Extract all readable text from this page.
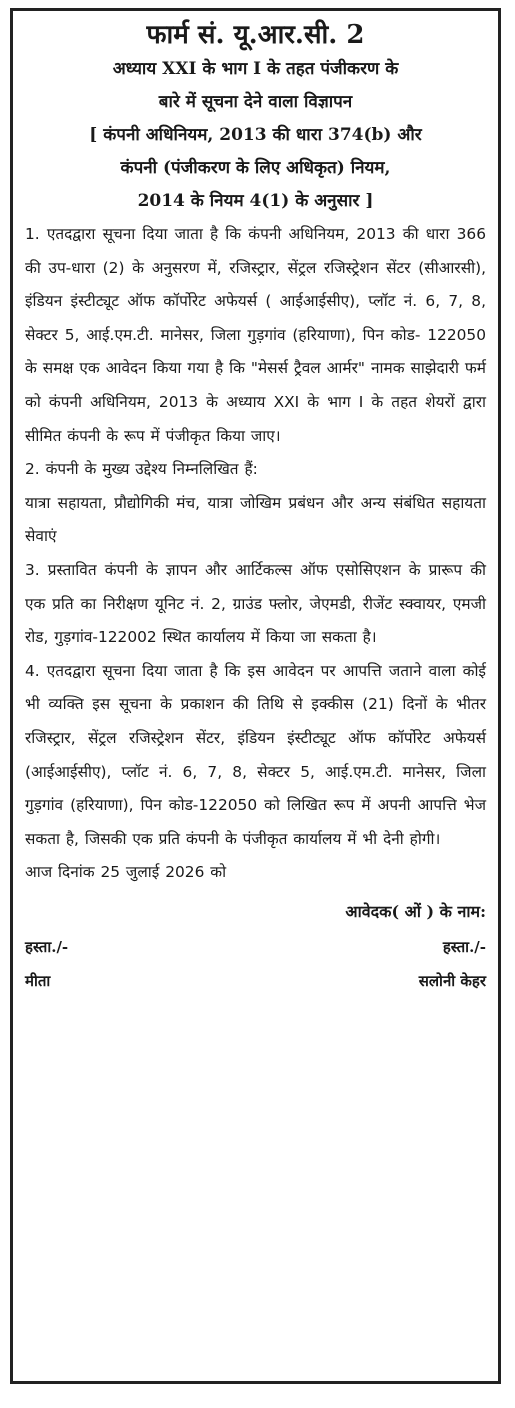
फार्म सं. यू.आर.सी. 2
अध्याय XXI के भाग I के तहत पंजीकरण के
बारे में सूचना देने वाला विज्ञापन
[ कंपनी अधिनियम, 2013 की धारा 374(b) और
कंपनी (पंजीकरण के लिए अधिकृत) नियम,
2014 के नियम 4(1) के अनुसार ]

1. एतदद्वारा सूचना दिया जाता है कि कंपनी अधिनियम, 2013 की धारा 366 की उप-धारा (2) के अनुसरण में, रजिस्ट्रार, सेंट्रल रजिस्ट्रेशन सेंटर (सीआरसी), इंडियन इंस्टीट्यूट ऑफ कॉर्पोरेट अफेयर्स ( आईआईसीए), प्लॉट नं. 6, 7, 8, सेक्टर 5, आई.एम.टी. मानेसर, जिला गुड़गांव (हरियाणा), पिन कोड- 122050 के समक्ष एक आवेदन किया गया है कि "मेसर्स ट्रैवल आर्मर" नामक साझेदारी फर्म को कंपनी अधिनियम, 2013 के अध्याय XXI के भाग I के तहत शेयरों द्वारा सीमित कंपनी के रूप में पंजीकृत किया जाए।

2. कंपनी के मुख्य उद्देश्य निम्नलिखित हैं:

यात्रा सहायता, प्रौद्योगिकी मंच, यात्रा जोखिम प्रबंधन और अन्य संबंधित सहायता सेवाएं

3. प्रस्तावित कंपनी के ज्ञापन और आर्टिकल्स ऑफ एसोसिएशन के प्रारूप की एक प्रति का निरीक्षण यूनिट नं. 2, ग्राउंड फ्लोर, जेएमडी, रीजेंट स्क्वायर, एमजी रोड, गुड़गांव-122002 स्थित कार्यालय में किया जा सकता है।

4. एतदद्वारा सूचना दिया जाता है कि इस आवेदन पर आपत्ति जताने वाला कोई भी व्यक्ति इस सूचना के प्रकाशन की तिथि से इक्कीस (21) दिनों के भीतर रजिस्ट्रार, सेंट्रल रजिस्ट्रेशन सेंटर, इंडियन इंस्टीट्यूट ऑफ कॉर्पोरेट अफेयर्स (आईआईसीए), प्लॉट नं. 6, 7, 8, सेक्टर 5, आई.एम.टी. मानेसर, जिला गुड़गांव (हरियाणा), पिन कोड-122050 को लिखित रूप में अपनी आपत्ति भेज सकता है, जिसकी एक प्रति कंपनी के पंजीकृत कार्यालय में भी देनी होगी।

आज दिनांक 25 जुलाई 2026 को

आवेदक( ओं ) के नाम:
हस्ता./-	हस्ता./-
मीता	सलोनी केहर
